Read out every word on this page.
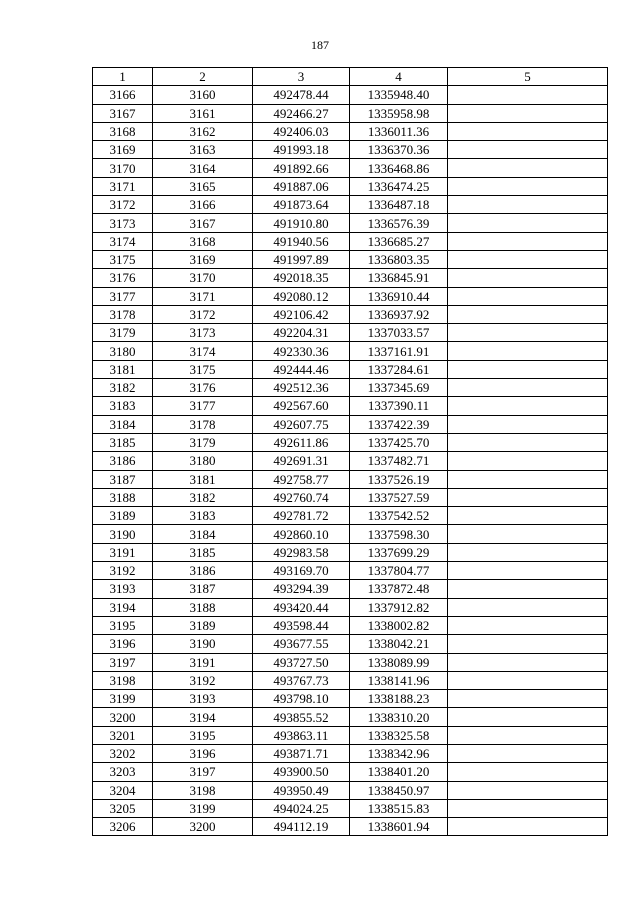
187
1	2	3	4	5
3166	3160	492478.44	1335948.40	
3167	3161	492466.27	1335958.98	
3168	3162	492406.03	1336011.36	
3169	3163	491993.18	1336370.36	
3170	3164	491892.66	1336468.86	
3171	3165	491887.06	1336474.25	
3172	3166	491873.64	1336487.18	
3173	3167	491910.80	1336576.39	
3174	3168	491940.56	1336685.27	
3175	3169	491997.89	1336803.35	
3176	3170	492018.35	1336845.91	
3177	3171	492080.12	1336910.44	
3178	3172	492106.42	1336937.92	
3179	3173	492204.31	1337033.57	
3180	3174	492330.36	1337161.91	
3181	3175	492444.46	1337284.61	
3182	3176	492512.36	1337345.69	
3183	3177	492567.60	1337390.11	
3184	3178	492607.75	1337422.39	
3185	3179	492611.86	1337425.70	
3186	3180	492691.31	1337482.71	
3187	3181	492758.77	1337526.19	
3188	3182	492760.74	1337527.59	
3189	3183	492781.72	1337542.52	
3190	3184	492860.10	1337598.30	
3191	3185	492983.58	1337699.29	
3192	3186	493169.70	1337804.77	
3193	3187	493294.39	1337872.48	
3194	3188	493420.44	1337912.82	
3195	3189	493598.44	1338002.82	
3196	3190	493677.55	1338042.21	
3197	3191	493727.50	1338089.99	
3198	3192	493767.73	1338141.96	
3199	3193	493798.10	1338188.23	
3200	3194	493855.52	1338310.20	
3201	3195	493863.11	1338325.58	
3202	3196	493871.71	1338342.96	
3203	3197	493900.50	1338401.20	
3204	3198	493950.49	1338450.97	
3205	3199	494024.25	1338515.83	
3206	3200	494112.19	1338601.94	
